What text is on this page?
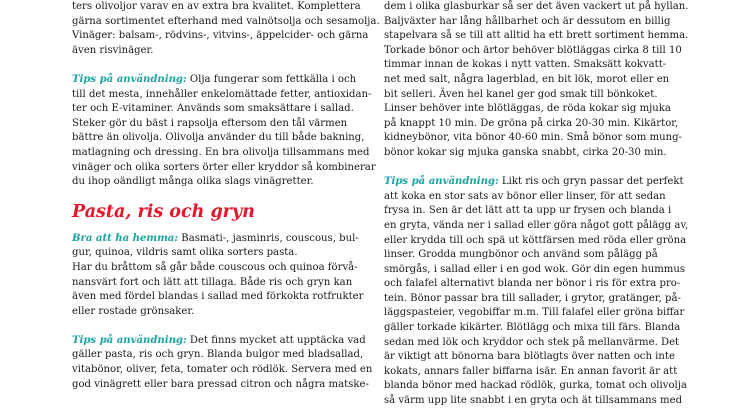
ters olivoljor varav en av extra bra kvalitet. Komplettera
gärna sortimentet efterhand med valnötsolja och sesamolja.
Vinäger: balsam-, rödvins-, vitvins-, äppelcider- och gärna
även risvinäger.
Tips på användning: Olja fungerar som fettkälla i och
till det mesta, innehåller enkelomättade fetter, antioxidan-
ter och E-vitaminer. Används som smaksättare i sallad.
Steker gör du bäst i rapsolja eftersom den tål värmen
bättre än olivolja. Olivolja använder du till både bakning,
matlagning och dressing. En bra olivolja tillsammans med
vinäger och olika sorters örter eller kryddor så kombinerar
du ihop oändligt många olika slags vinägretter.
Pasta, ris och gryn
Bra att ha hemma: Basmati-, jasminris, couscous, bul-
gur, quinoa, vildris samt olika sorters pasta.
Har du bråttom så går både couscous och quinoa förvå-
nansvärt fort och lätt att tillaga. Både ris och gryn kan
även med fördel blandas i sallad med förkokta rotfrukter
eller rostade grönsaker.
Tips på användning: Det finns mycket att upptäcka vad
gäller pasta, ris och gryn. Blanda bulgor med bladsallad,
vitabönor, oliver, feta, tomater och rödlök. Servera med en
god vinägrett eller bara pressad citron och några matske-
dem i olika glasburkar så ser det även vackert ut på hyllan.
Baljväxter har lång hållbarhet och är dessutom en billig
stapelvara så se till att alltid ha ett brett sortiment hemma.
Torkade bönor och ärtor behöver blötläggas cirka 8 till 10
timmar innan de kokas i nytt vatten. Smaksätt kokvatt-
net med salt, några lagerblad, en bit lök, morot eller en
bit selleri. Även hel kanel ger god smak till bönkoket.
Linser behöver inte blötläggas, de röda kokar sig mjuka
på knappt 10 min. De gröna på cirka 20-30 min. Kikärtor,
kidneybönor, vita bönor 40-60 min. Små bönor som mung-
bönor kokar sig mjuka ganska snabbt, cirka 20-30 min.
Tips på användning: Likt ris och gryn passar det perfekt
att koka en stor sats av bönor eller linser, för att sedan
frysa in. Sen är det lätt att ta upp ur frysen och blanda i
en gryta, vända ner i sallad eller göra något gott pålägg av,
eller krydda till och spä ut köttfärsen med röda eller gröna
linser. Grodda mungbönor och använd som pålägg på
smörgås, i sallad eller i en god wok. Gör din egen hummus
och falafel alternativt blanda ner bönor i ris för extra pro-
tein. Bönor passar bra till sallader, i grytor, gratänger, på-
läggspasteier, vegobiffar m.m. Till falafel eller gröna biffar
gäller torkade kikärter. Blötlägg och mixa till färs. Blanda
sedan med lök och kryddor och stek på mellanvärme. Det
är viktigt att bönorna bara blötlagts över natten och inte
kokats, annars faller biffarna isär. En annan favorit är att
blanda bönor med hackad rödlök, gurka, tomat och olivolja
så värm upp lite snabbt i en gryta och ät tillsammans med
